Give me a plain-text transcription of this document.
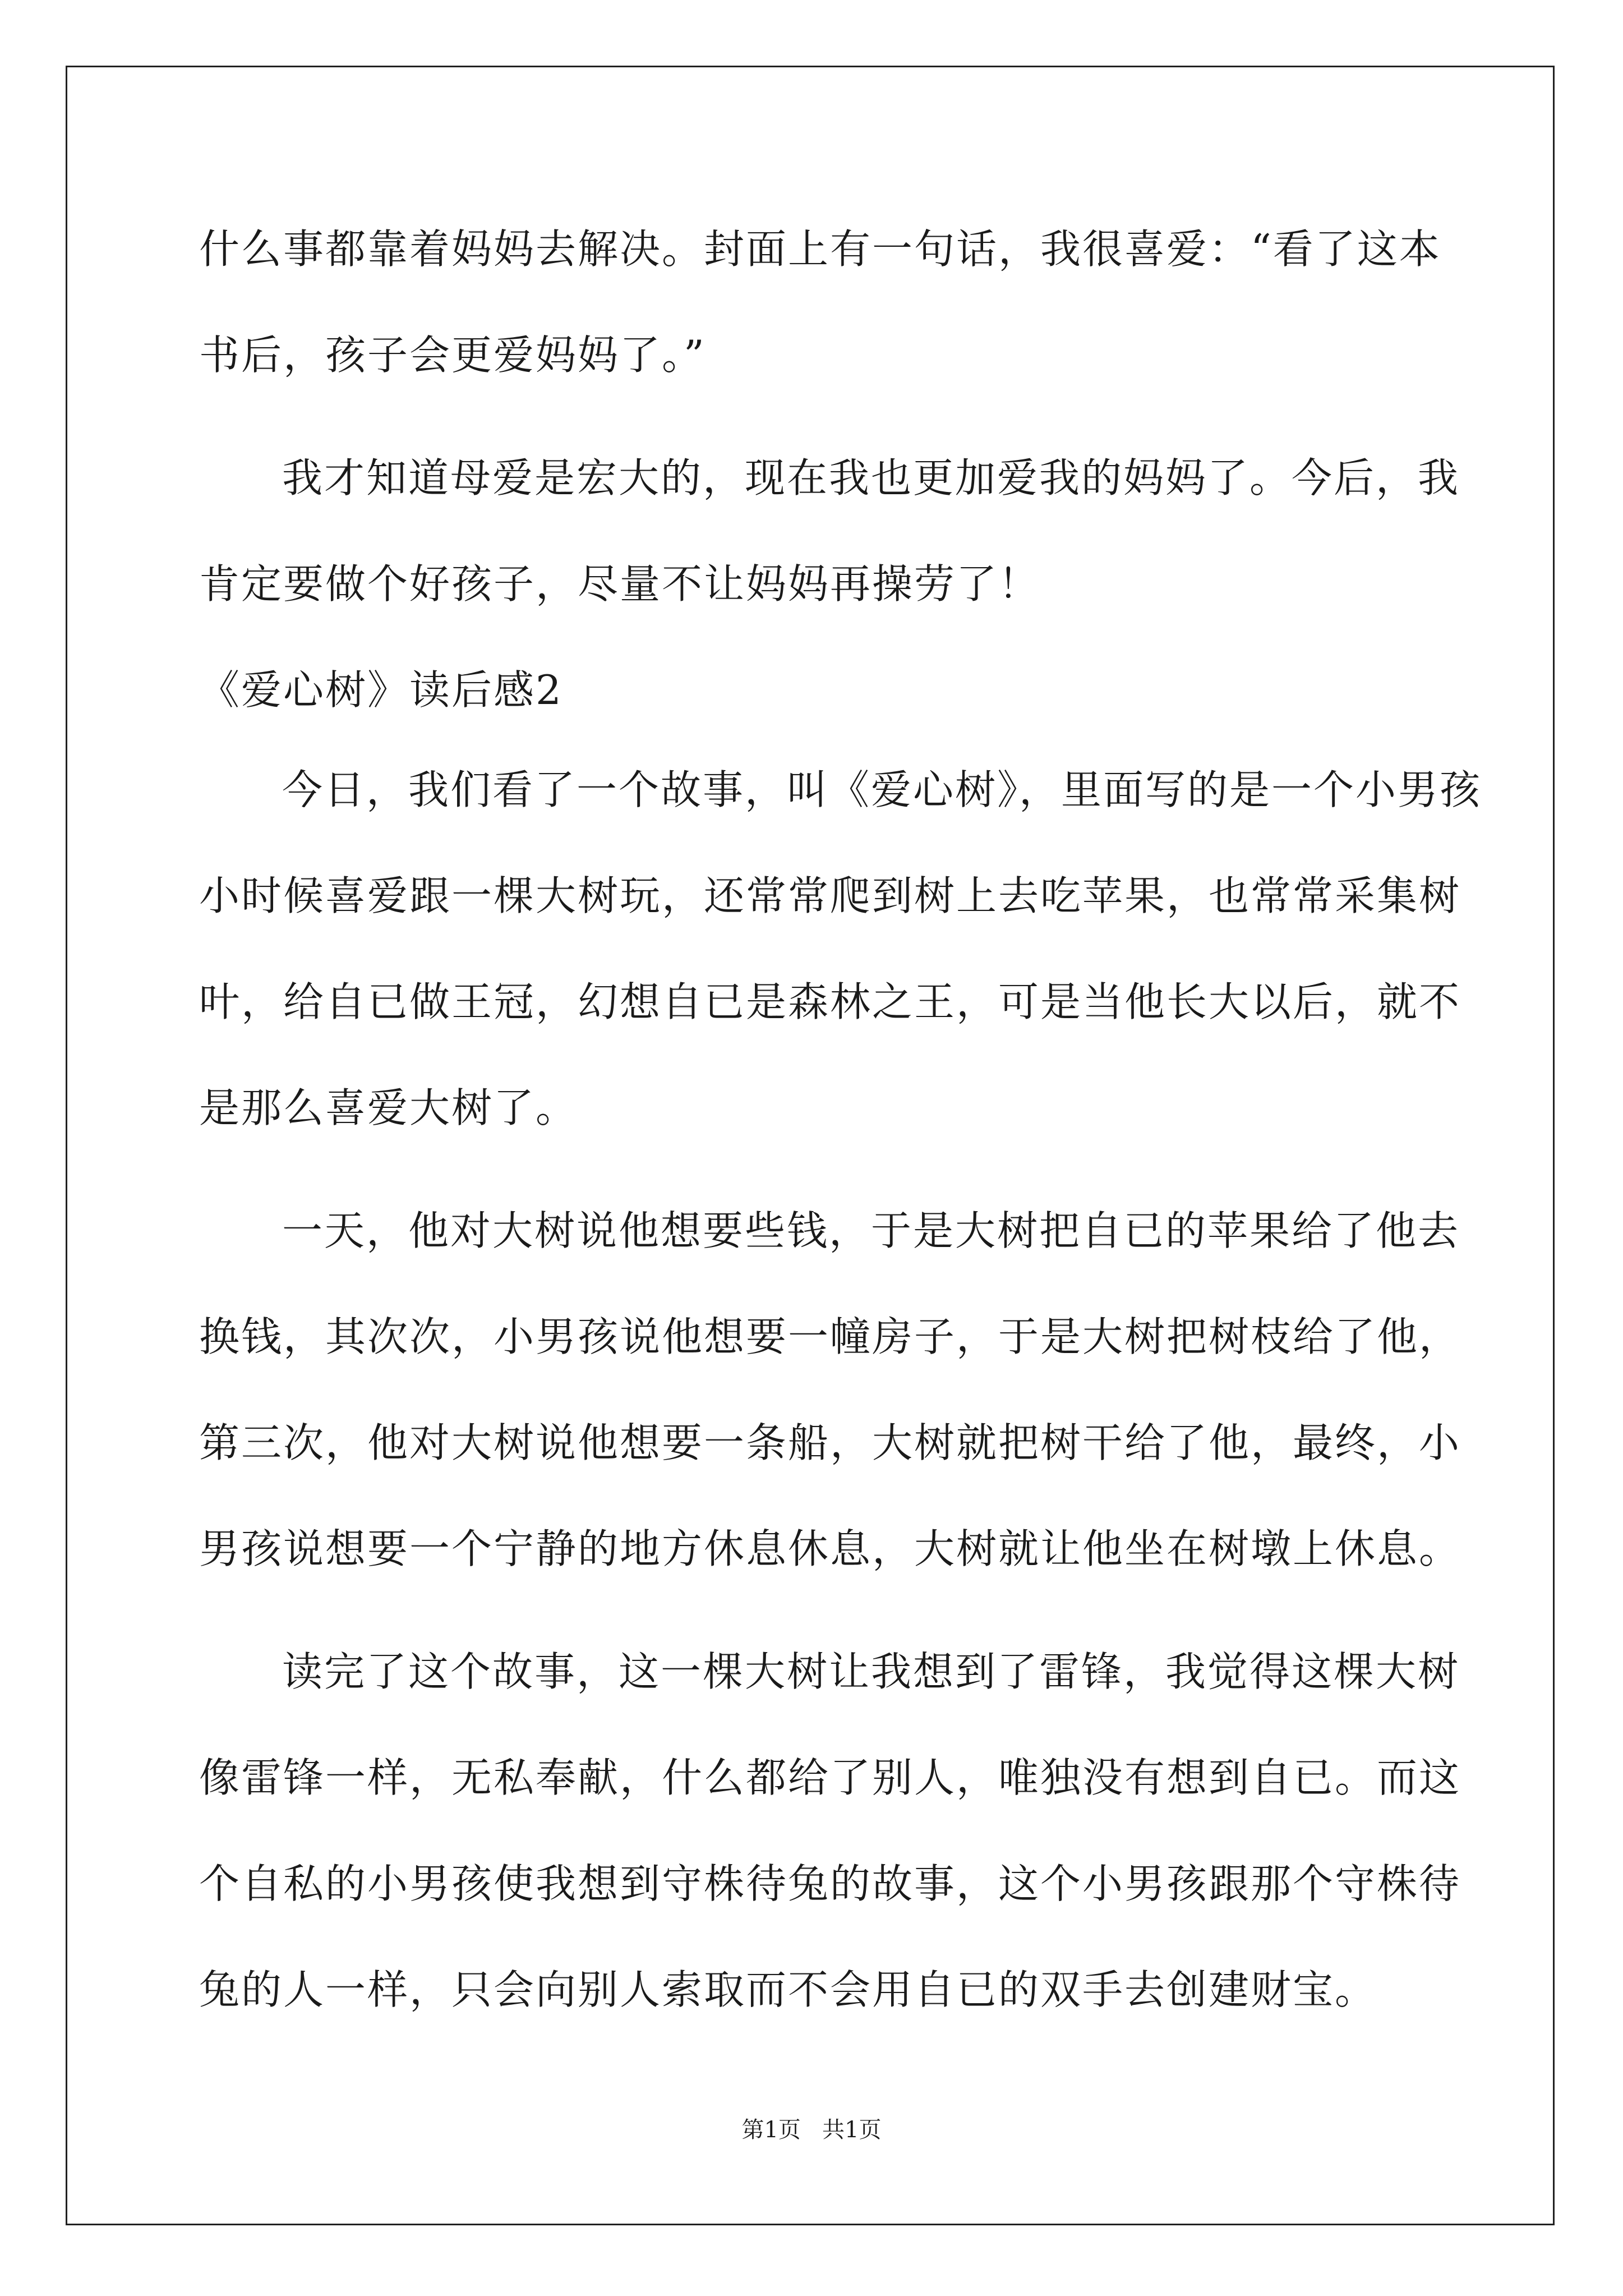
什么事都靠着妈妈去解决。封面上有一句话，我很喜爱：“看了这本
书后，孩子会更爱妈妈了。”
我才知道母爱是宏大的，现在我也更加爱我的妈妈了。今后，我
肯定要做个好孩子，尽量不让妈妈再操劳了！
《爱心树》读后感2
今日，我们看了一个故事，叫《爱心树》，里面写的是一个小男孩
小时候喜爱跟一棵大树玩，还常常爬到树上去吃苹果，也常常采集树
叶，给自已做王冠，幻想自已是森林之王，可是当他长大以后，就不
是那么喜爱大树了。
一天，他对大树说他想要些钱，于是大树把自已的苹果给了他去
换钱，其次次，小男孩说他想要一幢房子，于是大树把树枝给了他，
第三次，他对大树说他想要一条船，大树就把树干给了他，最终，小
男孩说想要一个宁静的地方休息休息，大树就让他坐在树墩上休息。
读完了这个故事，这一棵大树让我想到了雷锋，我觉得这棵大树
像雷锋一样，无私奉献，什么都给了别人，唯独没有想到自已。而这
个自私的小男孩使我想到守株待兔的故事，这个小男孩跟那个守株待
兔的人一样，只会向别人索取而不会用自已的双手去创建财宝。
第1页   共1页
